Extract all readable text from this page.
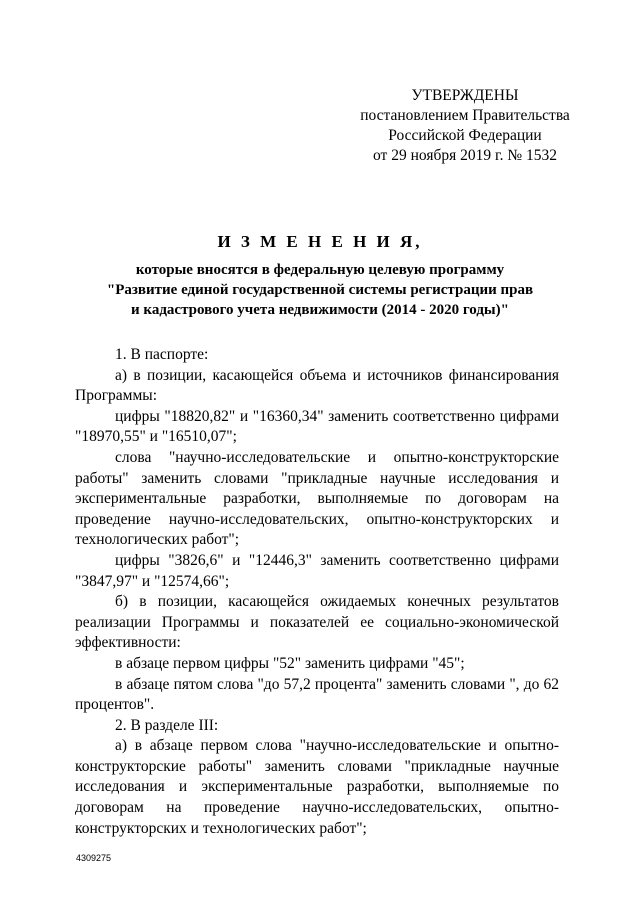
УТВЕРЖДЕНЫ
постановлением Правительства
Российской Федерации
от 29 ноября 2019 г. № 1532
И З М Е Н Е Н И Я,
которые вносятся в федеральную целевую программу
"Развитие единой государственной системы регистрации прав
и кадастрового учета недвижимости (2014 - 2020 годы)"

1. В паспорте:

а) в позиции, касающейся объема и источников финансирования Программы:

цифры "18820,82" и "16360,34" заменить соответственно цифрами "18970,55" и "16510,07";

слова "научно-исследовательские и опытно-конструкторские работы" заменить словами "прикладные научные исследования и экспериментальные разработки, выполняемые по договорам на проведение научно-исследовательских, опытно-конструкторских и технологических работ";

цифры "3826,6" и "12446,3" заменить соответственно цифрами "3847,97" и "12574,66";

б) в позиции, касающейся ожидаемых конечных результатов реализации Программы и показателей ее социально-экономической эффективности:

в абзаце первом цифры "52" заменить цифрами "45";

в абзаце пятом слова "до 57,2 процента" заменить словами ", до 62 процентов".

2. В разделе III:

а) в абзаце первом слова "научно-исследовательские и опытно-конструкторские работы" заменить словами "прикладные научные исследования и экспериментальные разработки, выполняемые по договорам на проведение научно-исследовательских, опытно-конструкторских и технологических работ";

4309275
